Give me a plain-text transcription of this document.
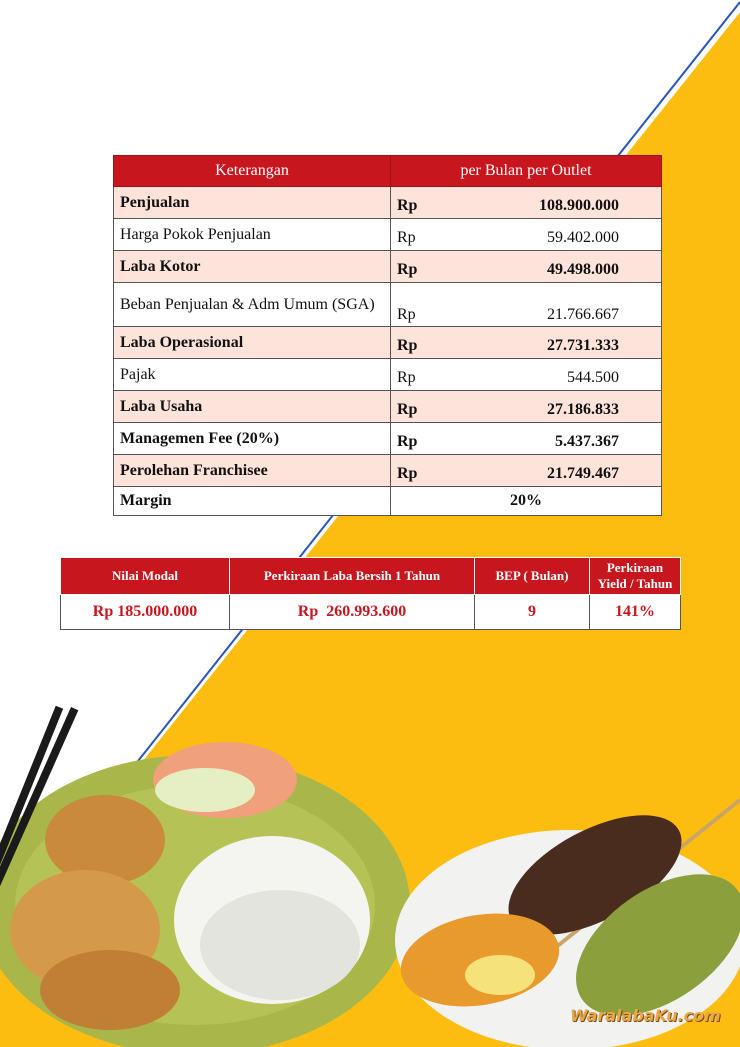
Keterangan	per Bulan per Outlet	
Penjualan	Rp	108.900.000
Harga Pokok Penjualan	Rp	59.402.000
Laba Kotor	Rp	49.498.000
Beban Penjualan & Adm Umum (SGA)	Rp	21.766.667
Laba Operasional	Rp	27.731.333
Pajak	Rp	544.500
Laba Usaha	Rp	27.186.833
Managemen Fee (20%)	Rp	5.437.367
Perolehan Franchisee	Rp	21.749.467
Margin	20%	
Nilai Modal	Perkiraan Laba Bersih 1 Tahun	BEP ( Bulan)	Perkiraan Yield / Tahun
Rp 185.000.000	Rp  260.993.600	9	141%
WaralabaKu.com
